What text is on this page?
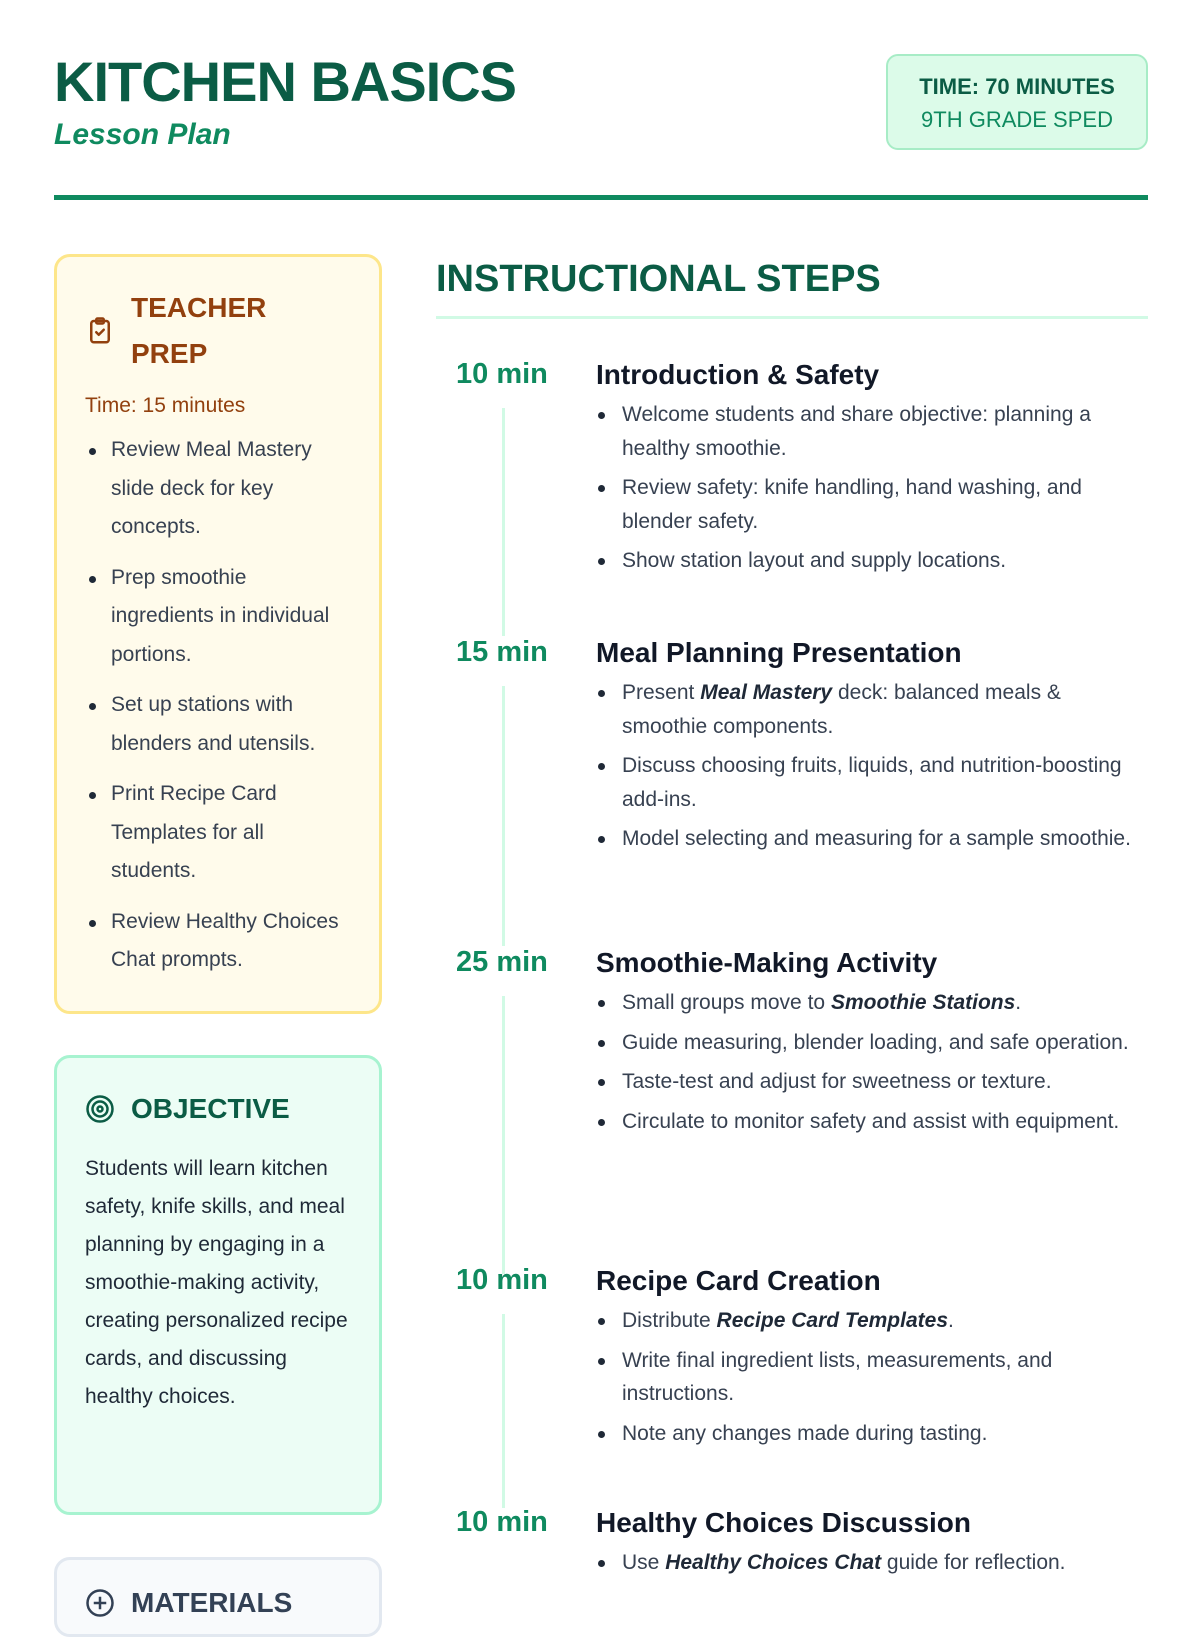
KITCHEN BASICS
Lesson Plan
TIME: 70 MINUTES
9TH GRADE SPED
TEACHER PREP
Time: 15 minutes
Review Meal Mastery slide deck for key concepts.
Prep smoothie ingredients in individual portions.
Set up stations with blenders and utensils.
Print Recipe Card Templates for all students.
Review Healthy Choices Chat prompts.
OBJECTIVE
Students will learn kitchen safety, knife skills, and meal planning by engaging in a smoothie-making activity, creating personalized recipe cards, and discussing healthy choices.
MATERIALS
INSTRUCTIONAL STEPS
10 min Introduction & Safety
Welcome students and share objective: planning a healthy smoothie.
Review safety: knife handling, hand washing, and blender safety.
Show station layout and supply locations.
15 min Meal Planning Presentation
Present Meal Mastery deck: balanced meals & smoothie components.
Discuss choosing fruits, liquids, and nutrition-boosting add-ins.
Model selecting and measuring for a sample smoothie.
25 min Smoothie-Making Activity
Small groups move to Smoothie Stations.
Guide measuring, blender loading, and safe operation.
Taste-test and adjust for sweetness or texture.
Circulate to monitor safety and assist with equipment.
10 min Recipe Card Creation
Distribute Recipe Card Templates.
Write final ingredient lists, measurements, and instructions.
Note any changes made during tasting.
10 min Healthy Choices Discussion
Use Healthy Choices Chat guide for reflection.
